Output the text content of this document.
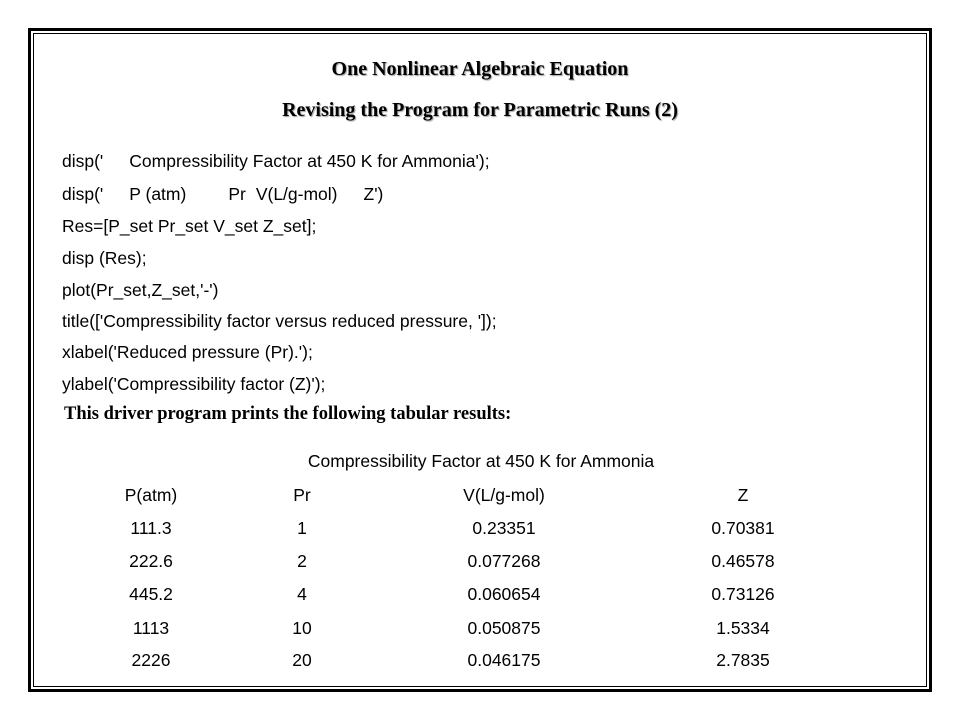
One Nonlinear Algebraic Equation
Revising the Program for Parametric Runs (2)
disp(' Compressibility Factor at 450 K for Ammonia');
disp(' P (atm) Pr V(L/g-mol) Z')
Res=[P_set Pr_set V_set Z_set];
disp (Res);
plot(Pr_set,Z_set,'-')
title(['Compressibility factor versus reduced pressure, ']);
xlabel('Reduced pressure (Pr).');
ylabel('Compressibility factor (Z)');
This driver program prints the following tabular results:
Compressibility Factor at 450 K for Ammonia
P(atm)	Pr	V(L/g-mol)	Z
111.3	1	0.23351	0.70381
222.6	2	0.077268	0.46578
445.2	4	0.060654	0.73126
1113	10	0.050875	1.5334
2226	20	0.046175	2.7835
